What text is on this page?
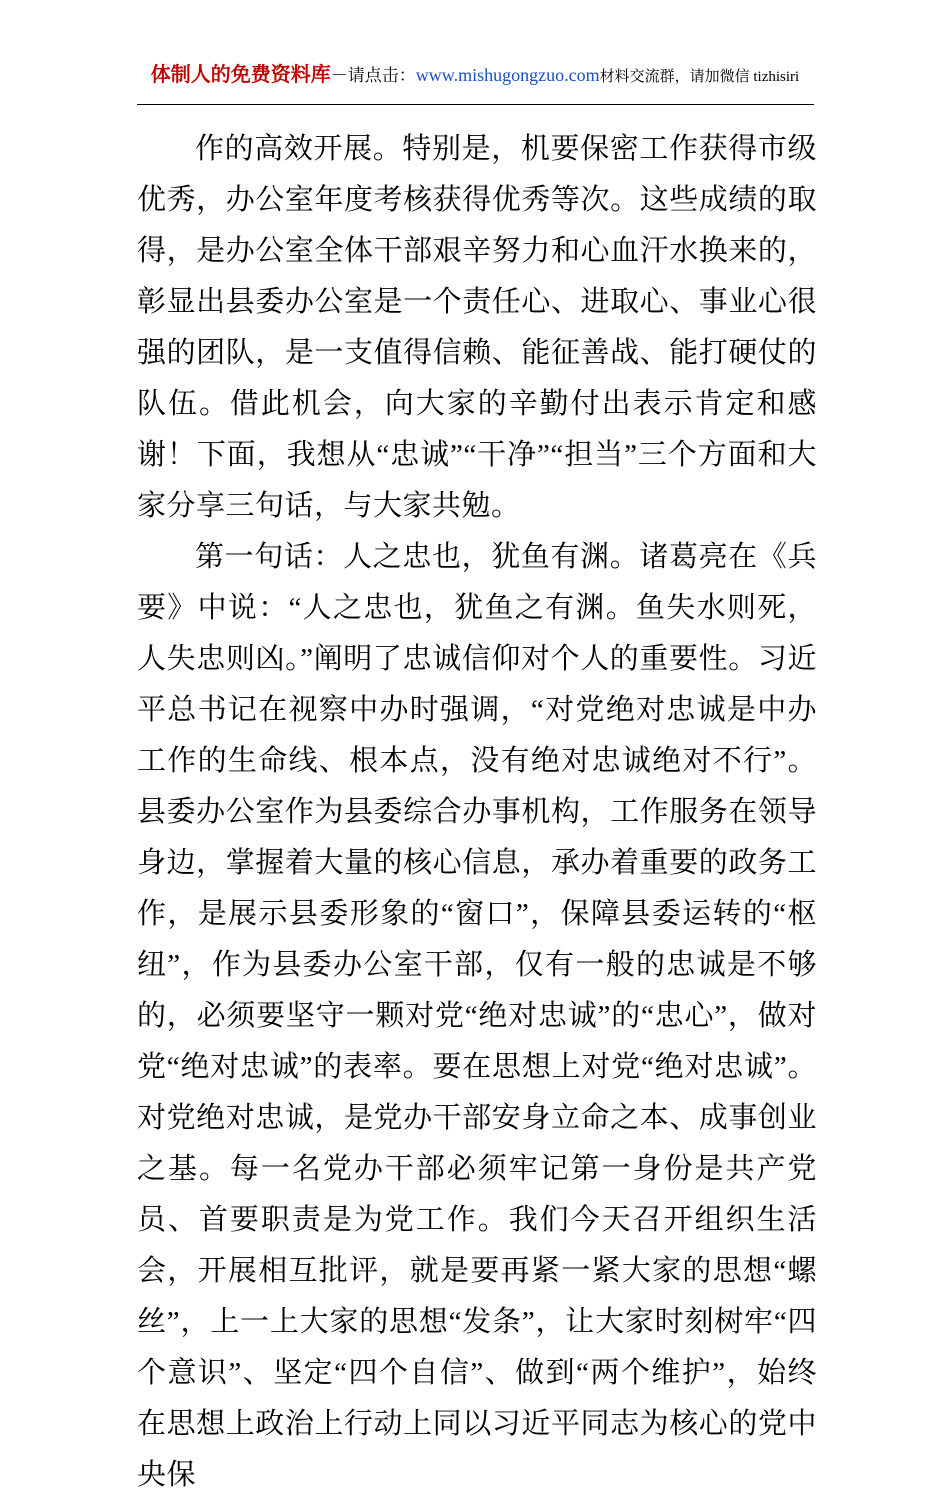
体制人的免费资料库－请点击：www.mishugongzuo.com材料交流群，请加微信 tizhisiri

作的高效开展。特别是，机要保密工作获得市级优秀，办公室年度考核获得优秀等次。这些成绩的取得，是办公室全体干部艰辛努力和心血汗水换来的，彰显出县委办公室是一个责任心、进取心、事业心很强的团队，是一支值得信赖、能征善战、能打硬仗的队伍。借此机会，向大家的辛勤付出表示肯定和感谢！下面，我想从“忠诚”“干净”“担当”三个方面和大家分享三句话，与大家共勉。

第一句话：人之忠也，犹鱼有渊。诸葛亮在《兵要》中说：“人之忠也，犹鱼之有渊。鱼失水则死，人失忠则凶。”阐明了忠诚信仰对个人的重要性。习近平总书记在视察中办时强调，“对党绝对忠诚是中办工作的生命线、根本点，没有绝对忠诚绝对不行”。县委办公室作为县委综合办事机构，工作服务在领导身边，掌握着大量的核心信息，承办着重要的政务工作，是展示县委形象的“窗口”，保障县委运转的“枢纽”，作为县委办公室干部，仅有一般的忠诚是不够的，必须要坚守一颗对党“绝对忠诚”的“忠心”，做对党“绝对忠诚”的表率。要在思想上对党“绝对忠诚”。对党绝对忠诚，是党办干部安身立命之本、成事创业之基。每一名党办干部必须牢记第一身份是共产党员、首要职责是为党工作。我们今天召开组织生活会，开展相互批评，就是要再紧一紧大家的思想“螺丝”，上一上大家的思想“发条”，让大家时刻树牢“四个意识”、坚定“四个自信”、做到“两个维护”，始终在思想上政治上行动上同以习近平同志为核心的党中央保
